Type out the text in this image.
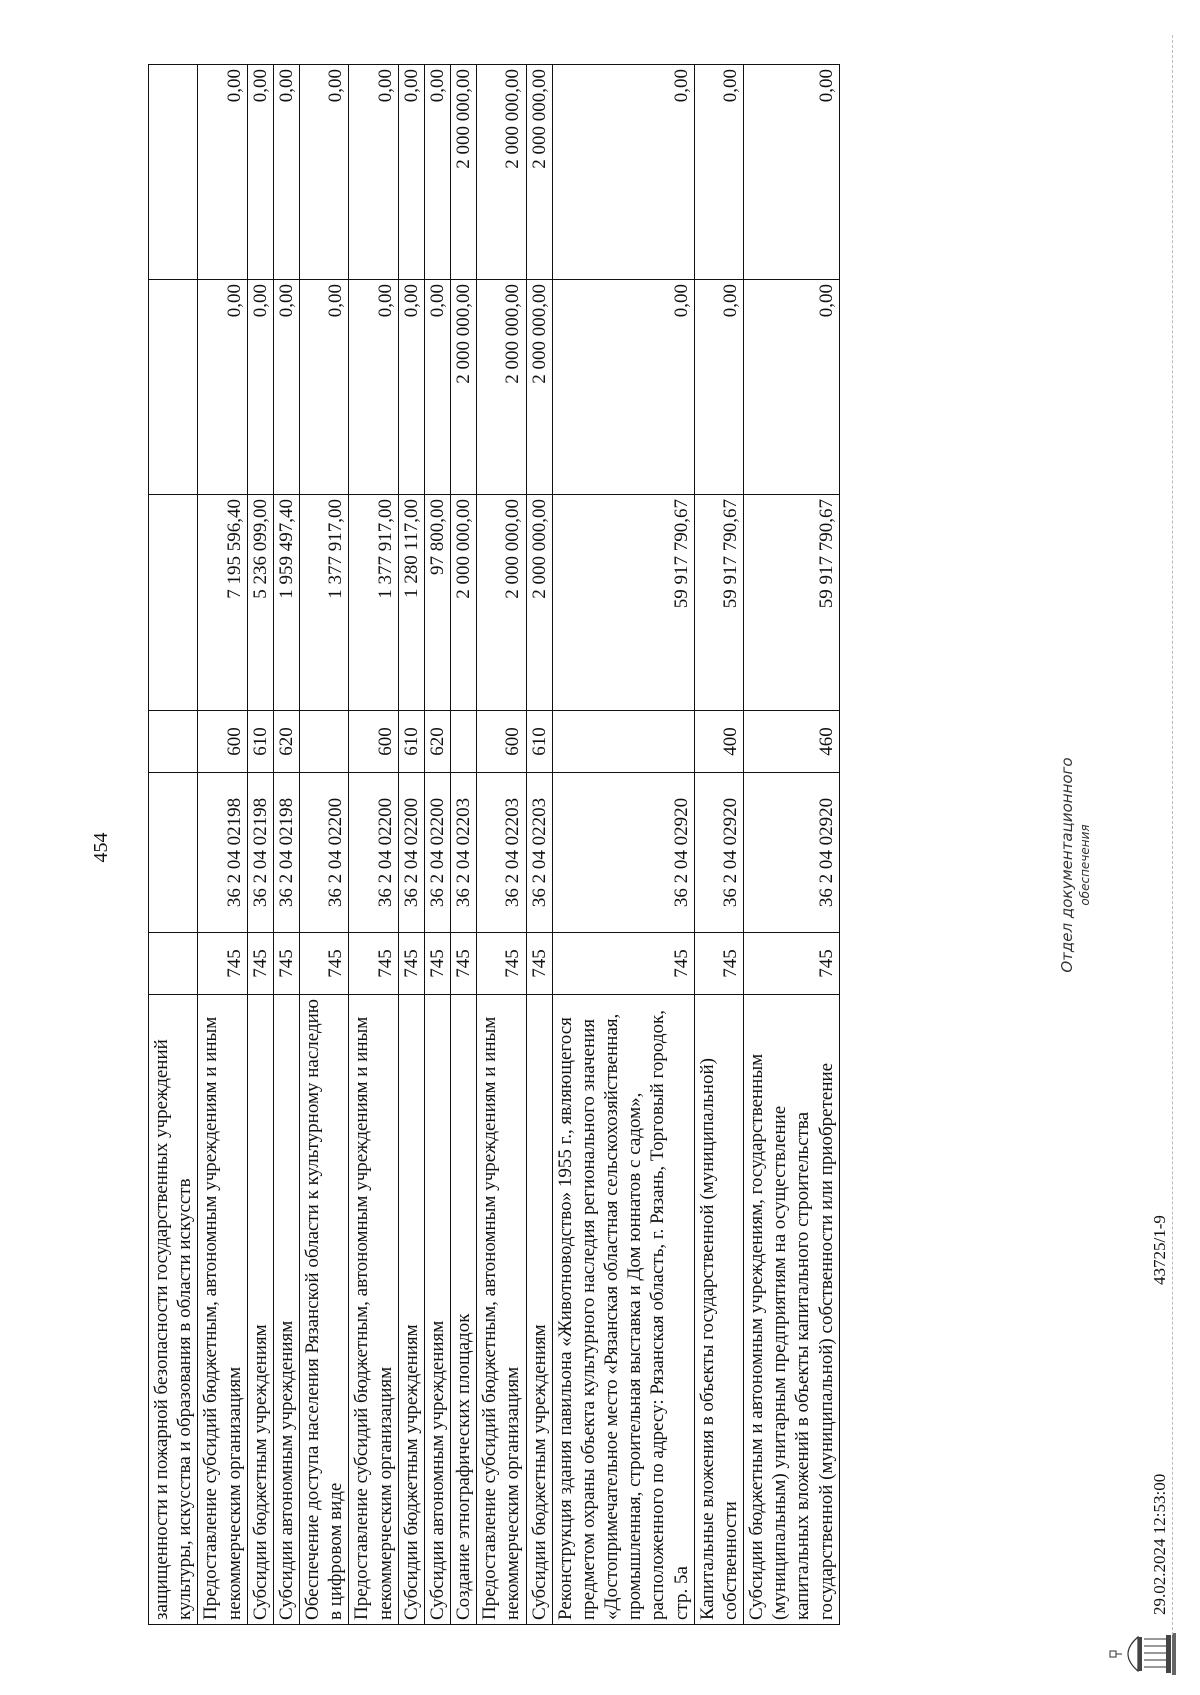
454
защищенности и пожарной безопасности государственных учреждений культуры, искусства и образования в области искусств						
Предоставление субсидий бюджетным, автономным учреждениям и иным некоммерческим организациям	745	36 2 04 02198	600	7 195 596,40	0,00	0,00
Субсидии бюджетным учреждениям	745	36 2 04 02198	610	5 236 099,00	0,00	0,00
Субсидии автономным учреждениям	745	36 2 04 02198	620	1 959 497,40	0,00	0,00
Обеспечение доступа населения Рязанской области к культурному наследию в цифровом виде	745	36 2 04 02200		1 377 917,00	0,00	0,00
Предоставление субсидий бюджетным, автономным учреждениям и иным некоммерческим организациям	745	36 2 04 02200	600	1 377 917,00	0,00	0,00
Субсидии бюджетным учреждениям	745	36 2 04 02200	610	1 280 117,00	0,00	0,00
Субсидии автономным учреждениям	745	36 2 04 02200	620	97 800,00	0,00	0,00
Создание этнографических площадок	745	36 2 04 02203		2 000 000,00	2 000 000,00	2 000 000,00
Предоставление субсидий бюджетным, автономным учреждениям и иным некоммерческим организациям	745	36 2 04 02203	600	2 000 000,00	2 000 000,00	2 000 000,00
Субсидии бюджетным учреждениям	745	36 2 04 02203	610	2 000 000,00	2 000 000,00	2 000 000,00
Реконструкция здания павильона «Животноводство» 1955 г., являющегося предметом охраны объекта культурного наследия регионального значения «Достопримечательное место «Рязанская областная сельскохозяйственная, промышленная, строительная выставка и Дом юннатов с садом», расположенного по адресу: Рязанская область, г. Рязань, Торговый городок, стр. 5а	745	36 2 04 02920		59 917 790,67	0,00	0,00
Капитальные вложения в объекты государственной (муниципальной) собственности	745	36 2 04 02920	400	59 917 790,67	0,00	0,00
Субсидии бюджетным и автономным учреждениям, государственным (муниципальным) унитарным предприятиям на осуществление капитальных вложений в объекты капитального строительства государственной (муниципальной) собственности или приобретение	745	36 2 04 02920	460	59 917 790,67	0,00	0,00
29.02.2024 12:53:00
43725/1-9
Отдел документационного обеспечения
